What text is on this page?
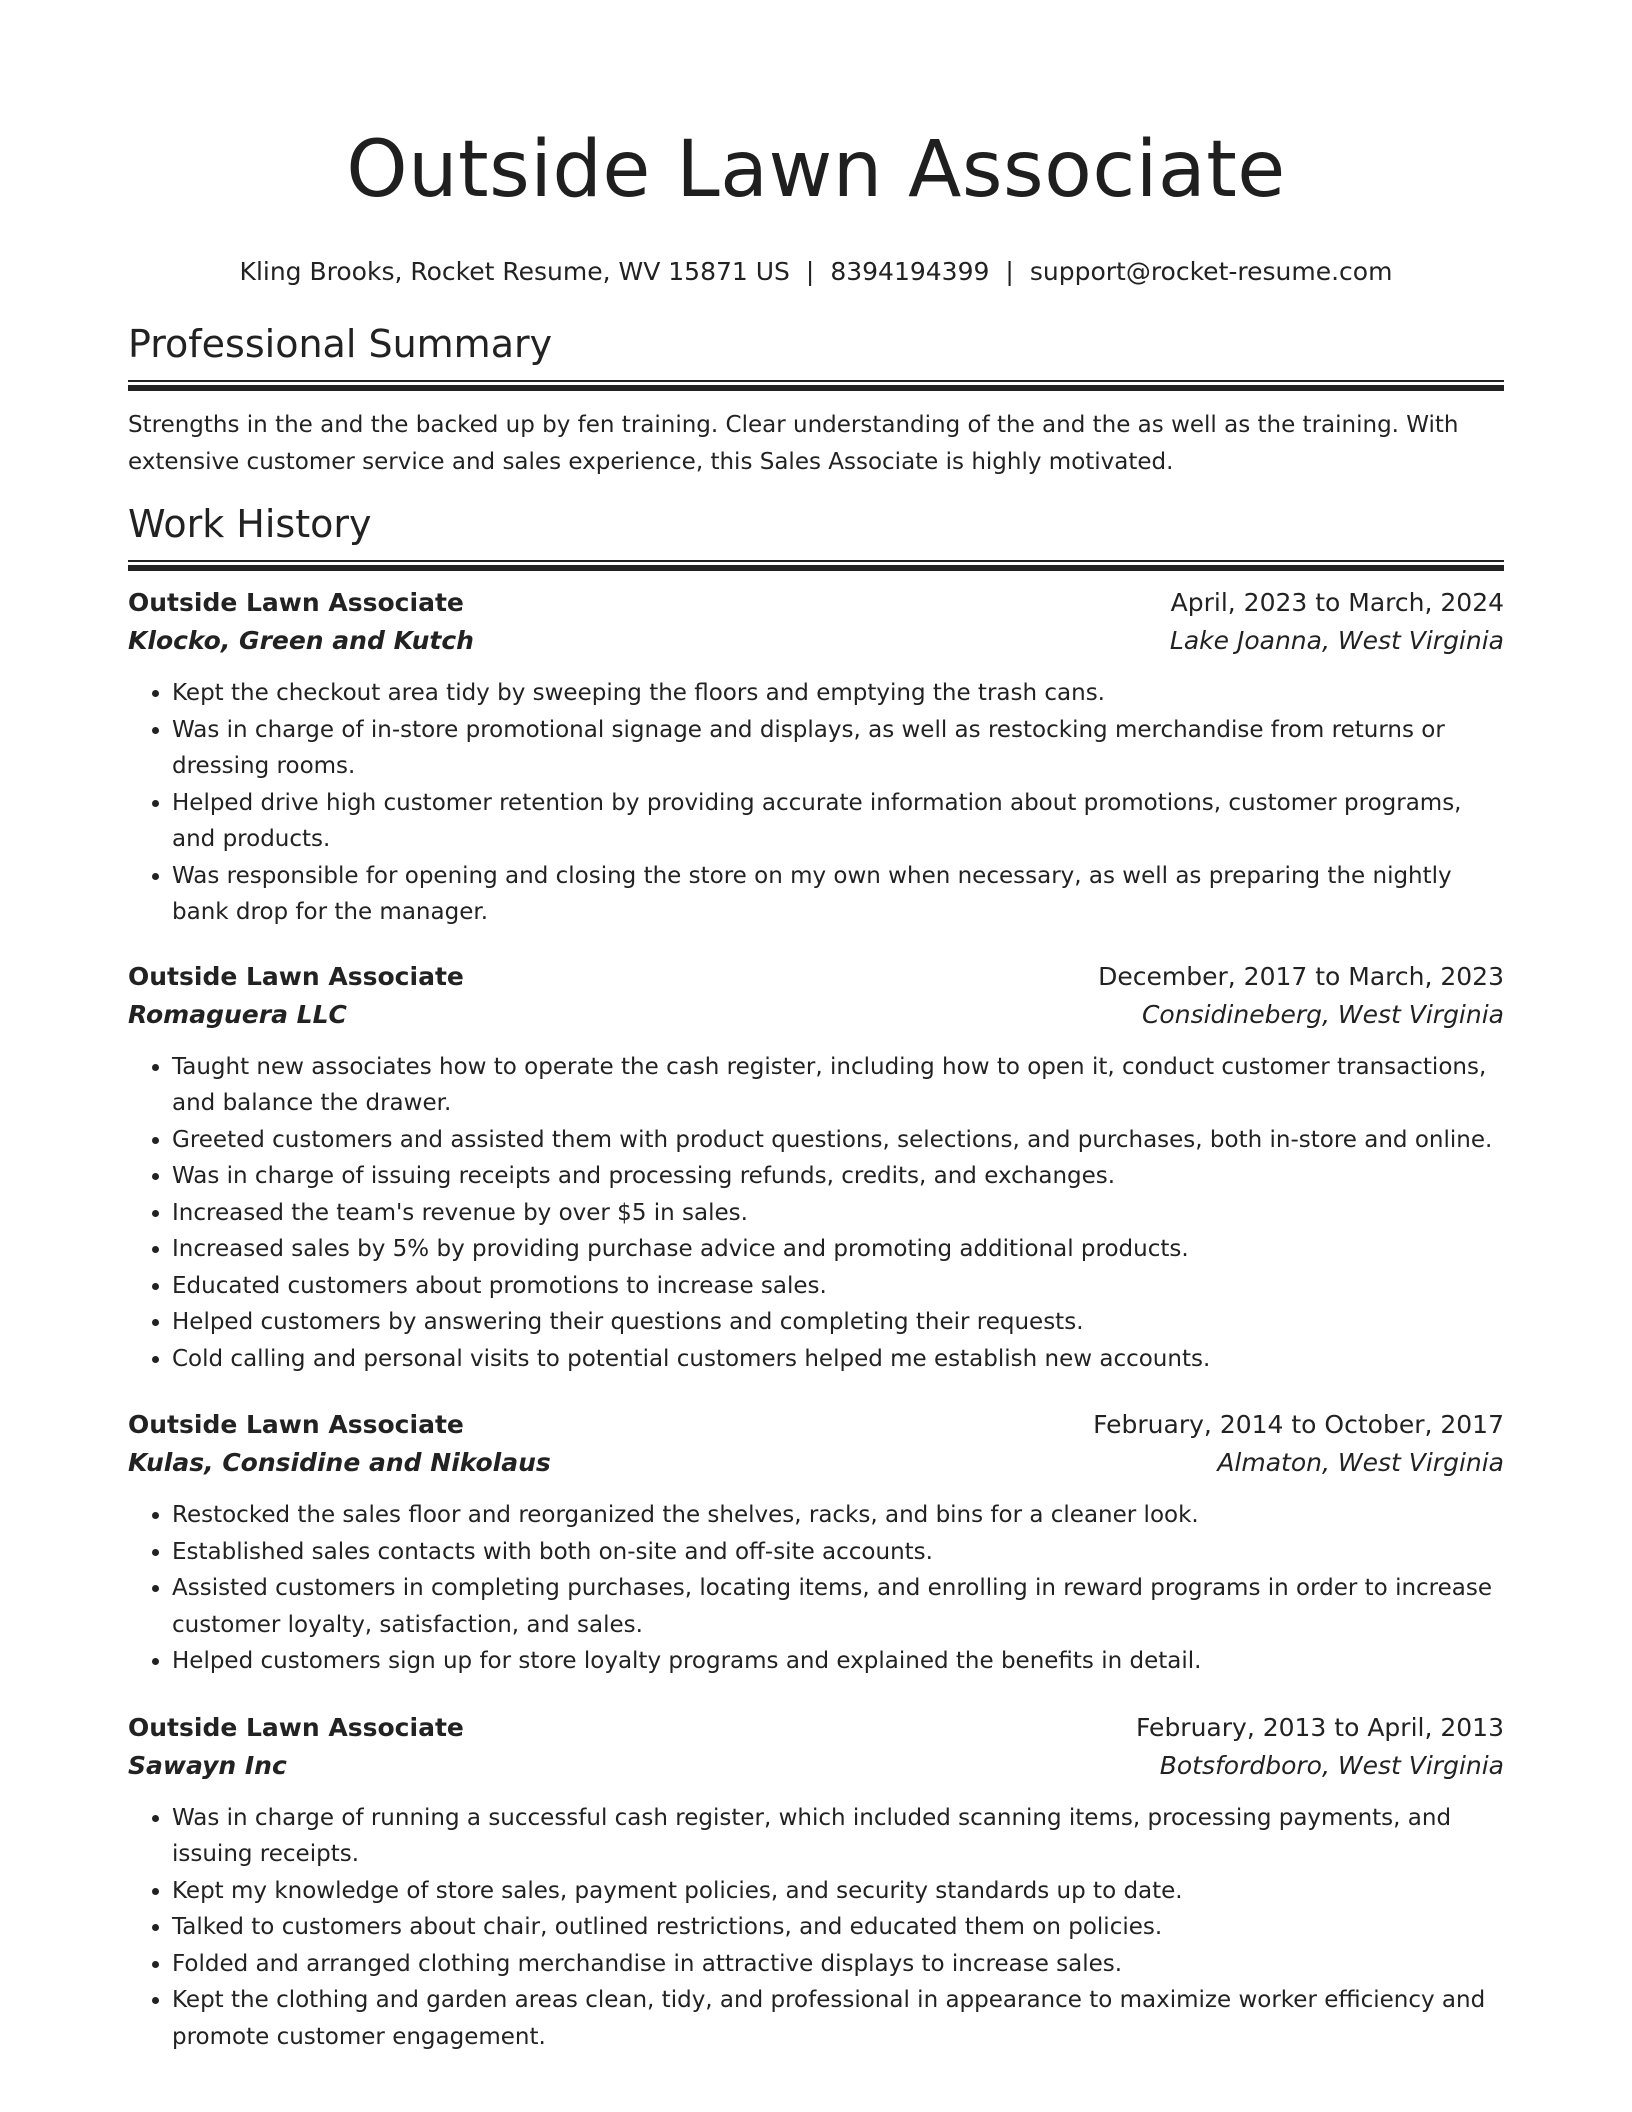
Outside Lawn Associate
Kling Brooks, Rocket Resume, WV 15871 US | 8394194399 | support@rocket-resume.com
Professional Summary
Strengths in the and the backed up by fen training. Clear understanding of the and the as well as the training. With extensive customer service and sales experience, this Sales Associate is highly motivated.
Work History
Outside Lawn Associate	April, 2023 to March, 2024
Klocko, Green and Kutch	Lake Joanna, West Virginia
• Kept the checkout area tidy by sweeping the floors and emptying the trash cans.
• Was in charge of in-store promotional signage and displays, as well as restocking merchandise from returns or dressing rooms.
• Helped drive high customer retention by providing accurate information about promotions, customer programs, and products.
• Was responsible for opening and closing the store on my own when necessary, as well as preparing the nightly bank drop for the manager.
Outside Lawn Associate	December, 2017 to March, 2023
Romaguera LLC	Considineberg, West Virginia
• Taught new associates how to operate the cash register, including how to open it, conduct customer transactions, and balance the drawer.
• Greeted customers and assisted them with product questions, selections, and purchases, both in-store and online.
• Was in charge of issuing receipts and processing refunds, credits, and exchanges.
• Increased the team's revenue by over $5 in sales.
• Increased sales by 5% by providing purchase advice and promoting additional products.
• Educated customers about promotions to increase sales.
• Helped customers by answering their questions and completing their requests.
• Cold calling and personal visits to potential customers helped me establish new accounts.
Outside Lawn Associate	February, 2014 to October, 2017
Kulas, Considine and Nikolaus	Almaton, West Virginia
• Restocked the sales floor and reorganized the shelves, racks, and bins for a cleaner look.
• Established sales contacts with both on-site and off-site accounts.
• Assisted customers in completing purchases, locating items, and enrolling in reward programs in order to increase customer loyalty, satisfaction, and sales.
• Helped customers sign up for store loyalty programs and explained the benefits in detail.
Outside Lawn Associate	February, 2013 to April, 2013
Sawayn Inc	Botsfordboro, West Virginia
• Was in charge of running a successful cash register, which included scanning items, processing payments, and issuing receipts.
• Kept my knowledge of store sales, payment policies, and security standards up to date.
• Talked to customers about chair, outlined restrictions, and educated them on policies.
• Folded and arranged clothing merchandise in attractive displays to increase sales.
• Kept the clothing and garden areas clean, tidy, and professional in appearance to maximize worker efficiency and promote customer engagement.
